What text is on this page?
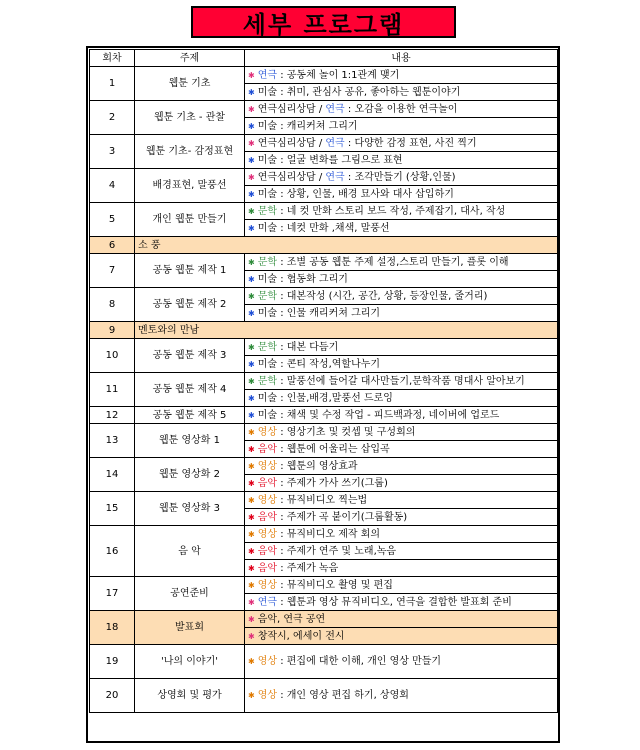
세부 프로그램
회차	주제	내용
1	웹툰 기초	✱ 연극 : 공동체 놀이 1:1관계 맺기
		✱ 미술 : 취미, 관심사 공유, 좋아하는 웹툰이야기
2	웹툰 기초 - 관찰	✱ 연극심리상담 / 연극 : 오감을 이용한 연극놀이
		✱ 미술 : 캐리커쳐 그리기
3	웹툰 기초- 감정표현	✱ 연극심리상담 / 연극 : 다양한 감정 표현, 사진 찍기
		✱ 미술 : 얼굴 변화를 그림으로 표현
4	배경표현, 말풍선	✱ 연극심리상담 / 연극 : 조각만들기 (상황,인물)
		✱ 미술 : 상황, 인물, 배경 묘사와 대사 삽입하기
5	개인 웹툰 만들기	✱ 문학 : 네 컷 만화 스토리 보드 작성, 주제잡기, 대사, 작성
		✱ 미술 : 네컷 만화 ,채색, 말풍선
6	소 풍	
7	공동 웹툰 제작 1	✱ 문학 : 조별 공동 웹툰 주제 설정,스토리 만들기, 플롯 이해
		✱ 미술 : 협동화 그리기
8	공동 웹툰 제작 2	✱ 문학 : 대본작성 (시간, 공간, 상황, 등장인물, 줄거리)
		✱ 미술 : 인물 캐리커쳐 그리기
9	멘토와의 만남	
10	공동 웹툰 제작 3	✱ 문학 : 대본 다듬기
		✱ 미술 : 콘티 작성,역할나누기
11	공동 웹툰 제작 4	✱ 문학 : 말풍선에 들어갈 대사만들기,문학작품 명대사 알아보기
		✱ 미술 : 인물,배경,말풍선 드로잉
12	공동 웹툰 제작 5	✱ 미술 : 채색 및 수정 작업 - 피드백과정, 네이버에 업로드
13	웹툰 영상화 1	✱ 영상 : 영상기초 및 컷셉 및 구성회의
		✱ 음악 : 웹툰에 어울리는 삽입곡
14	웹툰 영상화 2	✱ 영상 : 웹툰의 영상효과
		✱ 음악 : 주제가 가사 쓰기(그룹)
15	웹툰 영상화 3	✱ 영상 : 뮤직비디오 찍는법
		✱ 음악 : 주제가 곡 붙이기(그룹활동)
16	음 악	✱ 영상 : 뮤직비디오 제작 회의
		✱ 음악 : 주제가 연주 및 노래,녹음
		✱ 음악 : 주제가 녹음
17	공연준비	✱ 영상 : 뮤직비디오 촬영 및 편집
		✱ 연극 : 웹툰과 영상 뮤직비디오, 연극을 결합한 발표회 준비
18	발표회	✱ 음악, 연극 공연
		✱ 창작시, 에세이 전시
19	'나의 이야기'	✱ 영상 : 편집에 대한 이해, 개인 영상 만들기
20	상영회 및 평가	✱ 영상 : 개인 영상 편집 하기, 상영회
